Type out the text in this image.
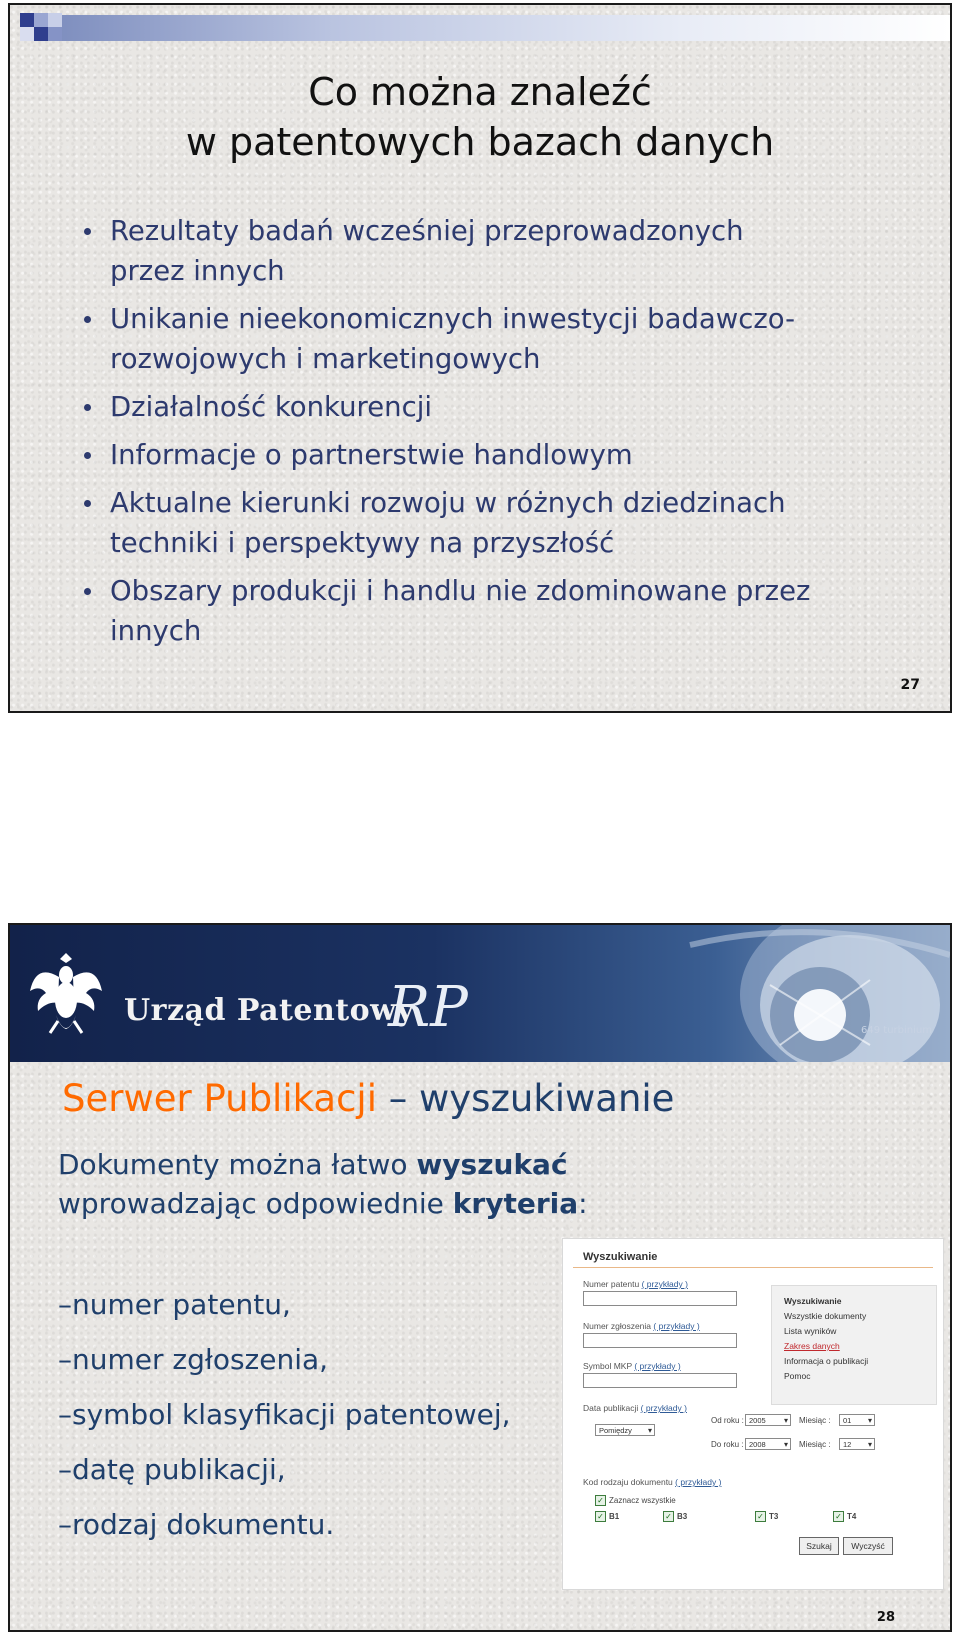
Co można znaleźć
w patentowych bazach danych
Rezultaty badań wcześniej przeprowadzonych
przez innych
Unikanie nieekonomicznych inwestycji badawczo-
rozwojowych i marketingowych
Działalność konkurencji
Informacje o partnerstwie handlowym
Aktualne kierunki rozwoju w różnych dziedzinach
techniki i perspektywy na przyszłość
Obszary produkcji i handlu nie zdominowane przez
innych
27
Urząd Patentowy
RP	649 turbinium
Serwer Publikacji – wyszukiwanie
Dokumenty można łatwo wyszukać wprowadzając odpowiednie kryteria:
–numer patentu,
–numer zgłoszenia,
–symbol klasyfikacji patentowej,
–datę publikacji,
–rodzaj dokumentu.
Wyszukiwanie
Numer patentu ( przykłady )
Numer zgłoszenia ( przykłady )
Symbol MKP ( przykłady )
Wyszukiwanie
Wszystkie dokumenty
Lista wyników
Zakres danych
Informacja o publikacji
Pomoc
Data publikacji ( przykłady )
Pomiędzy ▾
Od roku : 2005 ▾	Miesiąc :	01 ▾
Do roku : 2008 ▾	Miesiąc :	12 ▾
Kod rodzaju dokumentu ( przykłady )
✓ Zaznacz wszystkie
✓ B1	✓ B3	✓ T3	✓ T4
Szukaj	Wyczyść
28
